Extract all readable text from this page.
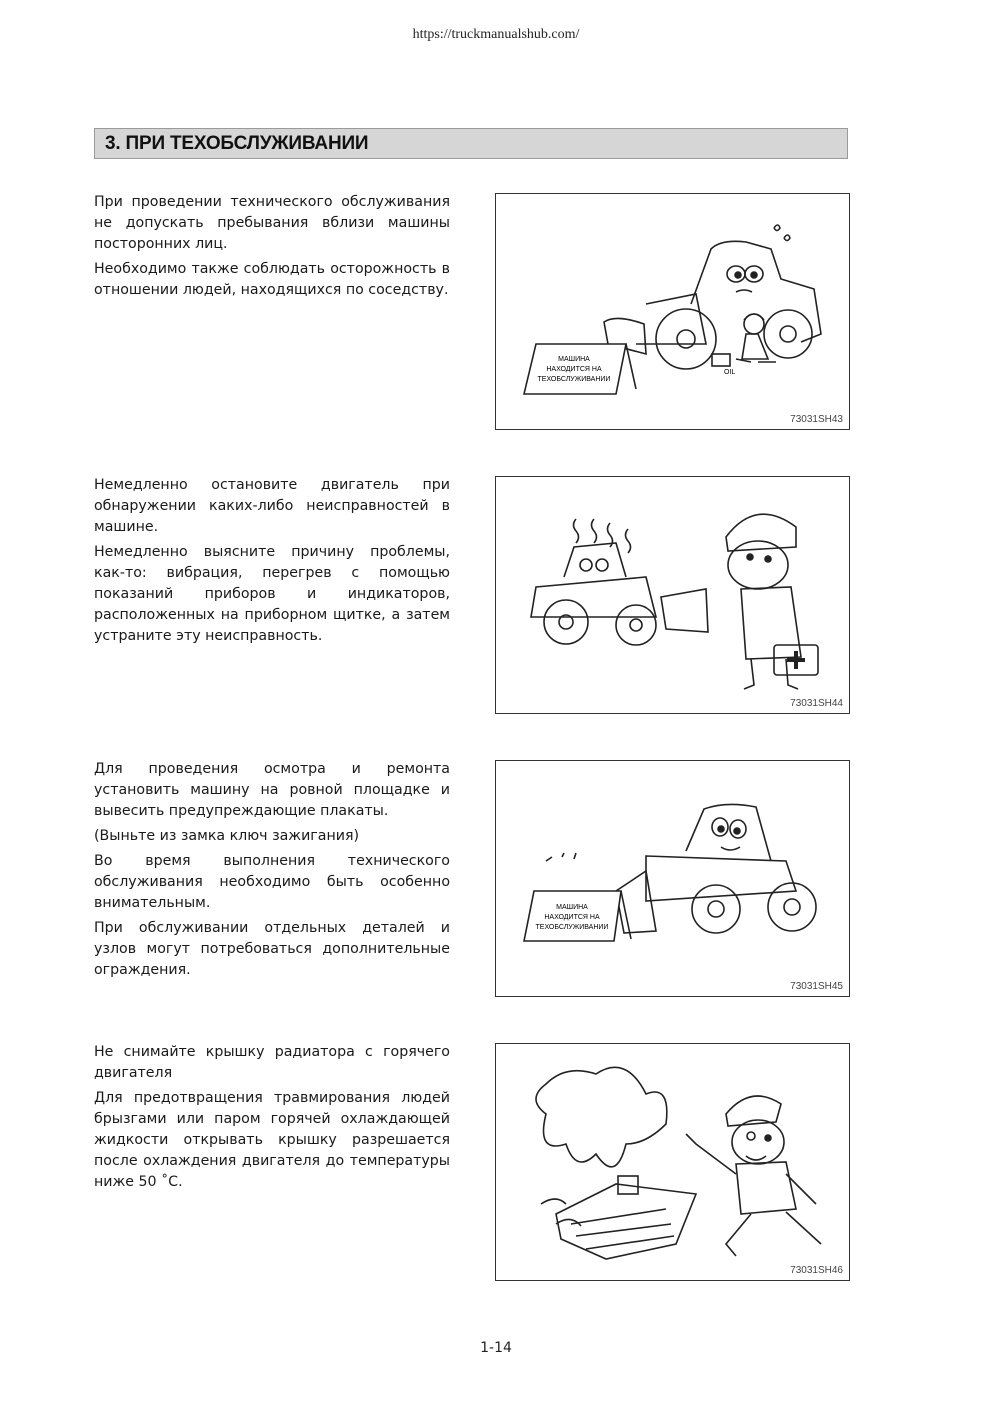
https://truckmanualshub.com/
3. ПРИ ТЕХОБСЛУЖИВАНИИ

При проведении технического обслуживания не допускать пребывания вблизи машины посторонних лиц.

Необходимо также соблюдать осторожность в отношении людей, находящихся по соседству.

МАШИНА
НАХОДИТСЯ НА
ТЕХОБСЛУЖИВАНИИ
OIL
73031SH43

Немедленно остановите двигатель при обнаружении каких-либо неисправностей в машине.

Немедленно выясните причину проблемы, как-то: вибрация, перегрев с помощью показаний приборов и индикаторов, расположенных на приборном щитке, а затем устраните эту неисправность.

73031SH44

Для проведения осмотра и ремонта установить машину на ровной площадке и вывесить предупреждающие плакаты.

(Выньте из замка ключ зажигания)

Во время выполнения технического обслуживания необходимо быть особенно внимательным.

При обслуживании отдельных деталей и узлов могут потребоваться дополнительные ограждения.

МАШИНА
НАХОДИТСЯ НА
ТЕХОБСЛУЖИВАНИИ
73031SH45

Не снимайте крышку радиатора с горячего двигателя

Для предотвращения травмирования людей брызгами или паром горячей охлаждающей жидкости открывать крышку разрешается после охлаждения двигателя до температуры ниже 50 ˚C.

73031SH46
1-14
